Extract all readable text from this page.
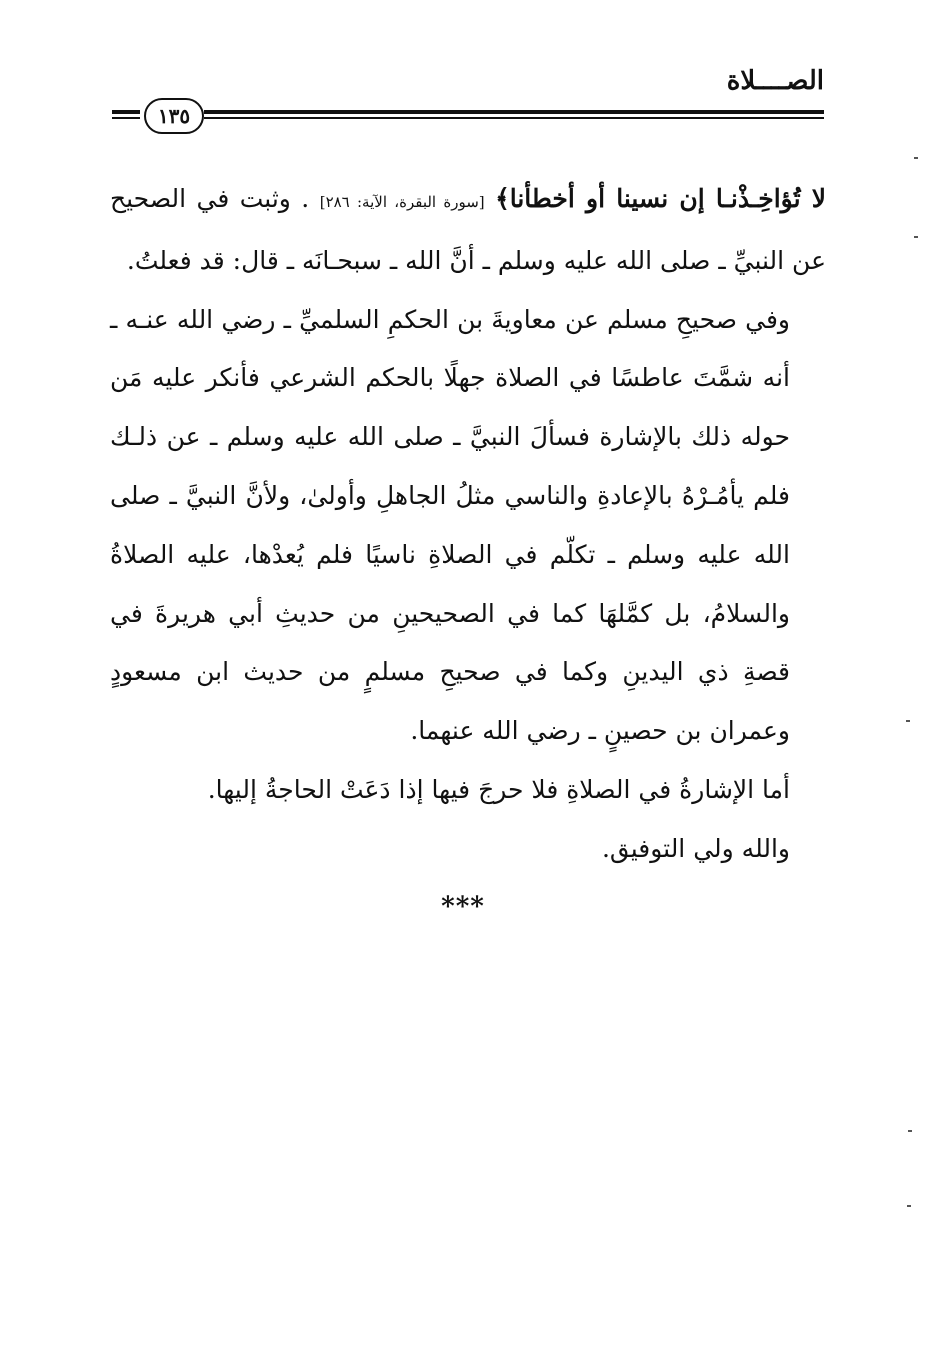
الصــــلاة
١٣٥

لا تُؤاخِـذْنـا إن نسينا أو أخطأنا﴾ [سورة البقرة، الآية: ٢٨٦] . وثبت في الصحيح عن النبيِّ ـ صلى الله عليه وسلم ـ أنَّ الله ـ سبحـانَه ـ قال: قد فعلتُ.

وفي صحيحِ مسلم عن معاويةَ بن الحكمِ السلميِّ ـ رضي الله عنـه ـ أنه شمَّتَ عاطسًا في الصلاة جهلًا بالحكم الشرعي فأنكر عليه مَن حوله ذلك بالإشارة فسألَ النبيَّ ـ صلى الله عليه وسلم ـ عن ذلـك فلم يأمُـرْهُ بالإعادةِ والناسي مثلُ الجاهلِ وأولىٰ، ولأنَّ النبيَّ ـ صلى الله عليه وسلم ـ تكلّم في الصلاةِ ناسيًا فلم يُعدْها، عليه الصلاةُ والسلامُ، بل كمَّلهَا كما في الصحيحينِ من حديثِ أبي هريرةَ في قصةِ ذي اليدينِ وكما في صحيحِ مسلمٍ من حديث ابن مسعودٍ وعمران بن حصينٍ ـ رضي الله عنهما.

أما الإشارةُ في الصلاةِ فلا حرجَ فيها إذا دَعَتْ الحاجةُ إليها.

والله ولي التوفيق.

***
